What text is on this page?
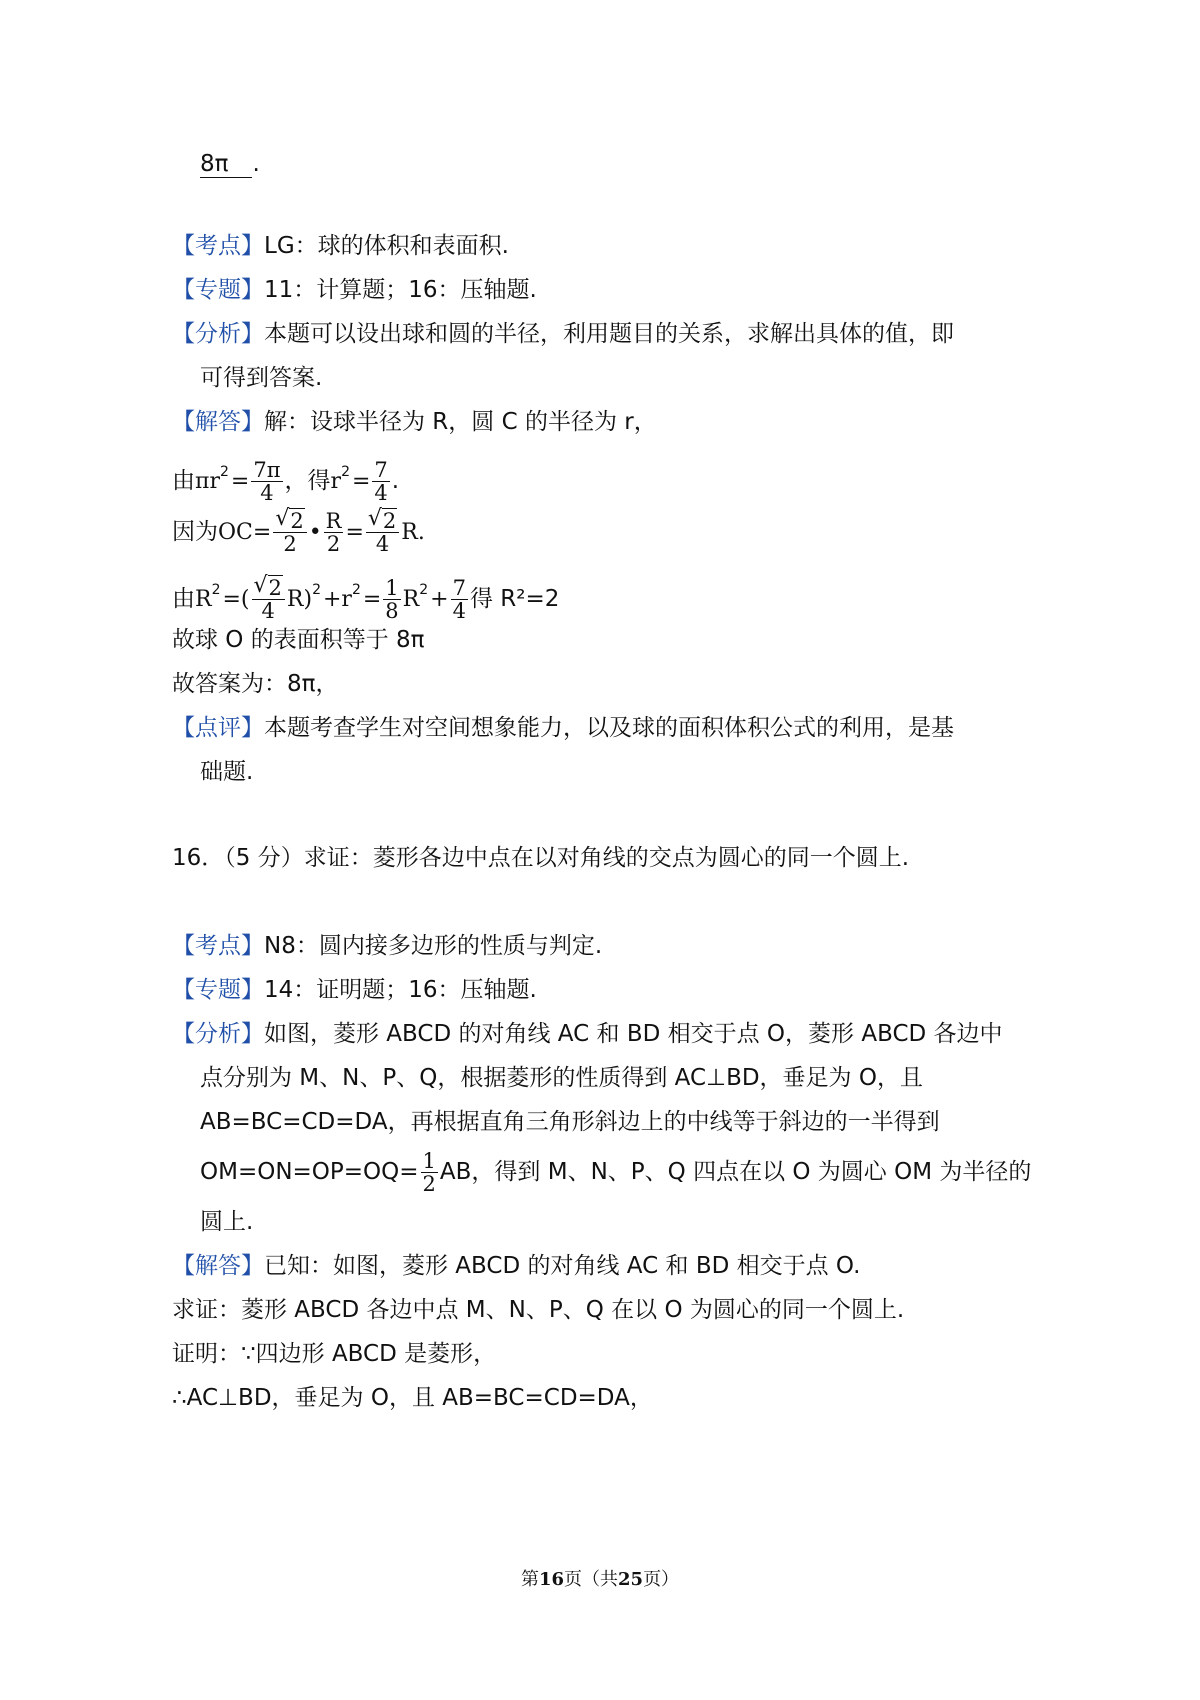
8π .
【考点】LG：球的体积和表面积.
【专题】11：计算题；16：压轴题.
【分析】本题可以设出球和圆的半径，利用题目的关系，求解出具体的值，即
可得到答案.
【解答】解：设球半径为 R，圆 C 的半径为 r，
由$\pi r^2= \frac{7\pi}{4}$ ，得$r^2= \frac{7}{4}$ .
因为$OC= \frac{√ 2}{2}$ • $\frac{R}{2} = \frac{√ 2}{4} R$.
由$R^2=( \frac{√ 2}{4} R)^2+r^2= \frac{1}{8} R^2+ \frac{7}{4}$ 得 R²=2
故球 O 的表面积等于 8π
故答案为：8π，
【点评】本题考查学生对空间想象能力，以及球的面积体积公式的利用，是基
础题.
16．（5 分）求证：菱形各边中点在以对角线的交点为圆心的同一个圆上.
【考点】N8：圆内接多边形的性质与判定.
【专题】14：证明题；16：压轴题.
【分析】如图，菱形 ABCD 的对角线 AC 和 BD 相交于点 O，菱形 ABCD 各边中
点分别为 M、N、P、Q，根据菱形的性质得到 AC⊥BD，垂足为 O，且
AB=BC=CD=DA，再根据直角三角形斜边上的中线等于斜边的一半得到
$OM=ON=OP=OQ= \frac{1}{2}$ AB，得到 M、N、P、Q 四点在以 O 为圆心 OM 为半径的
圆上.
【解答】已知：如图，菱形 ABCD 的对角线 AC 和 BD 相交于点 O.
求证：菱形 ABCD 各边中点 M、N、P、Q 在以 O 为圆心的同一个圆上.
证明：∵四边形 ABCD 是菱形，
∴AC⊥BD，垂足为 O，且 AB=BC=CD=DA，
第16页（共25页）
